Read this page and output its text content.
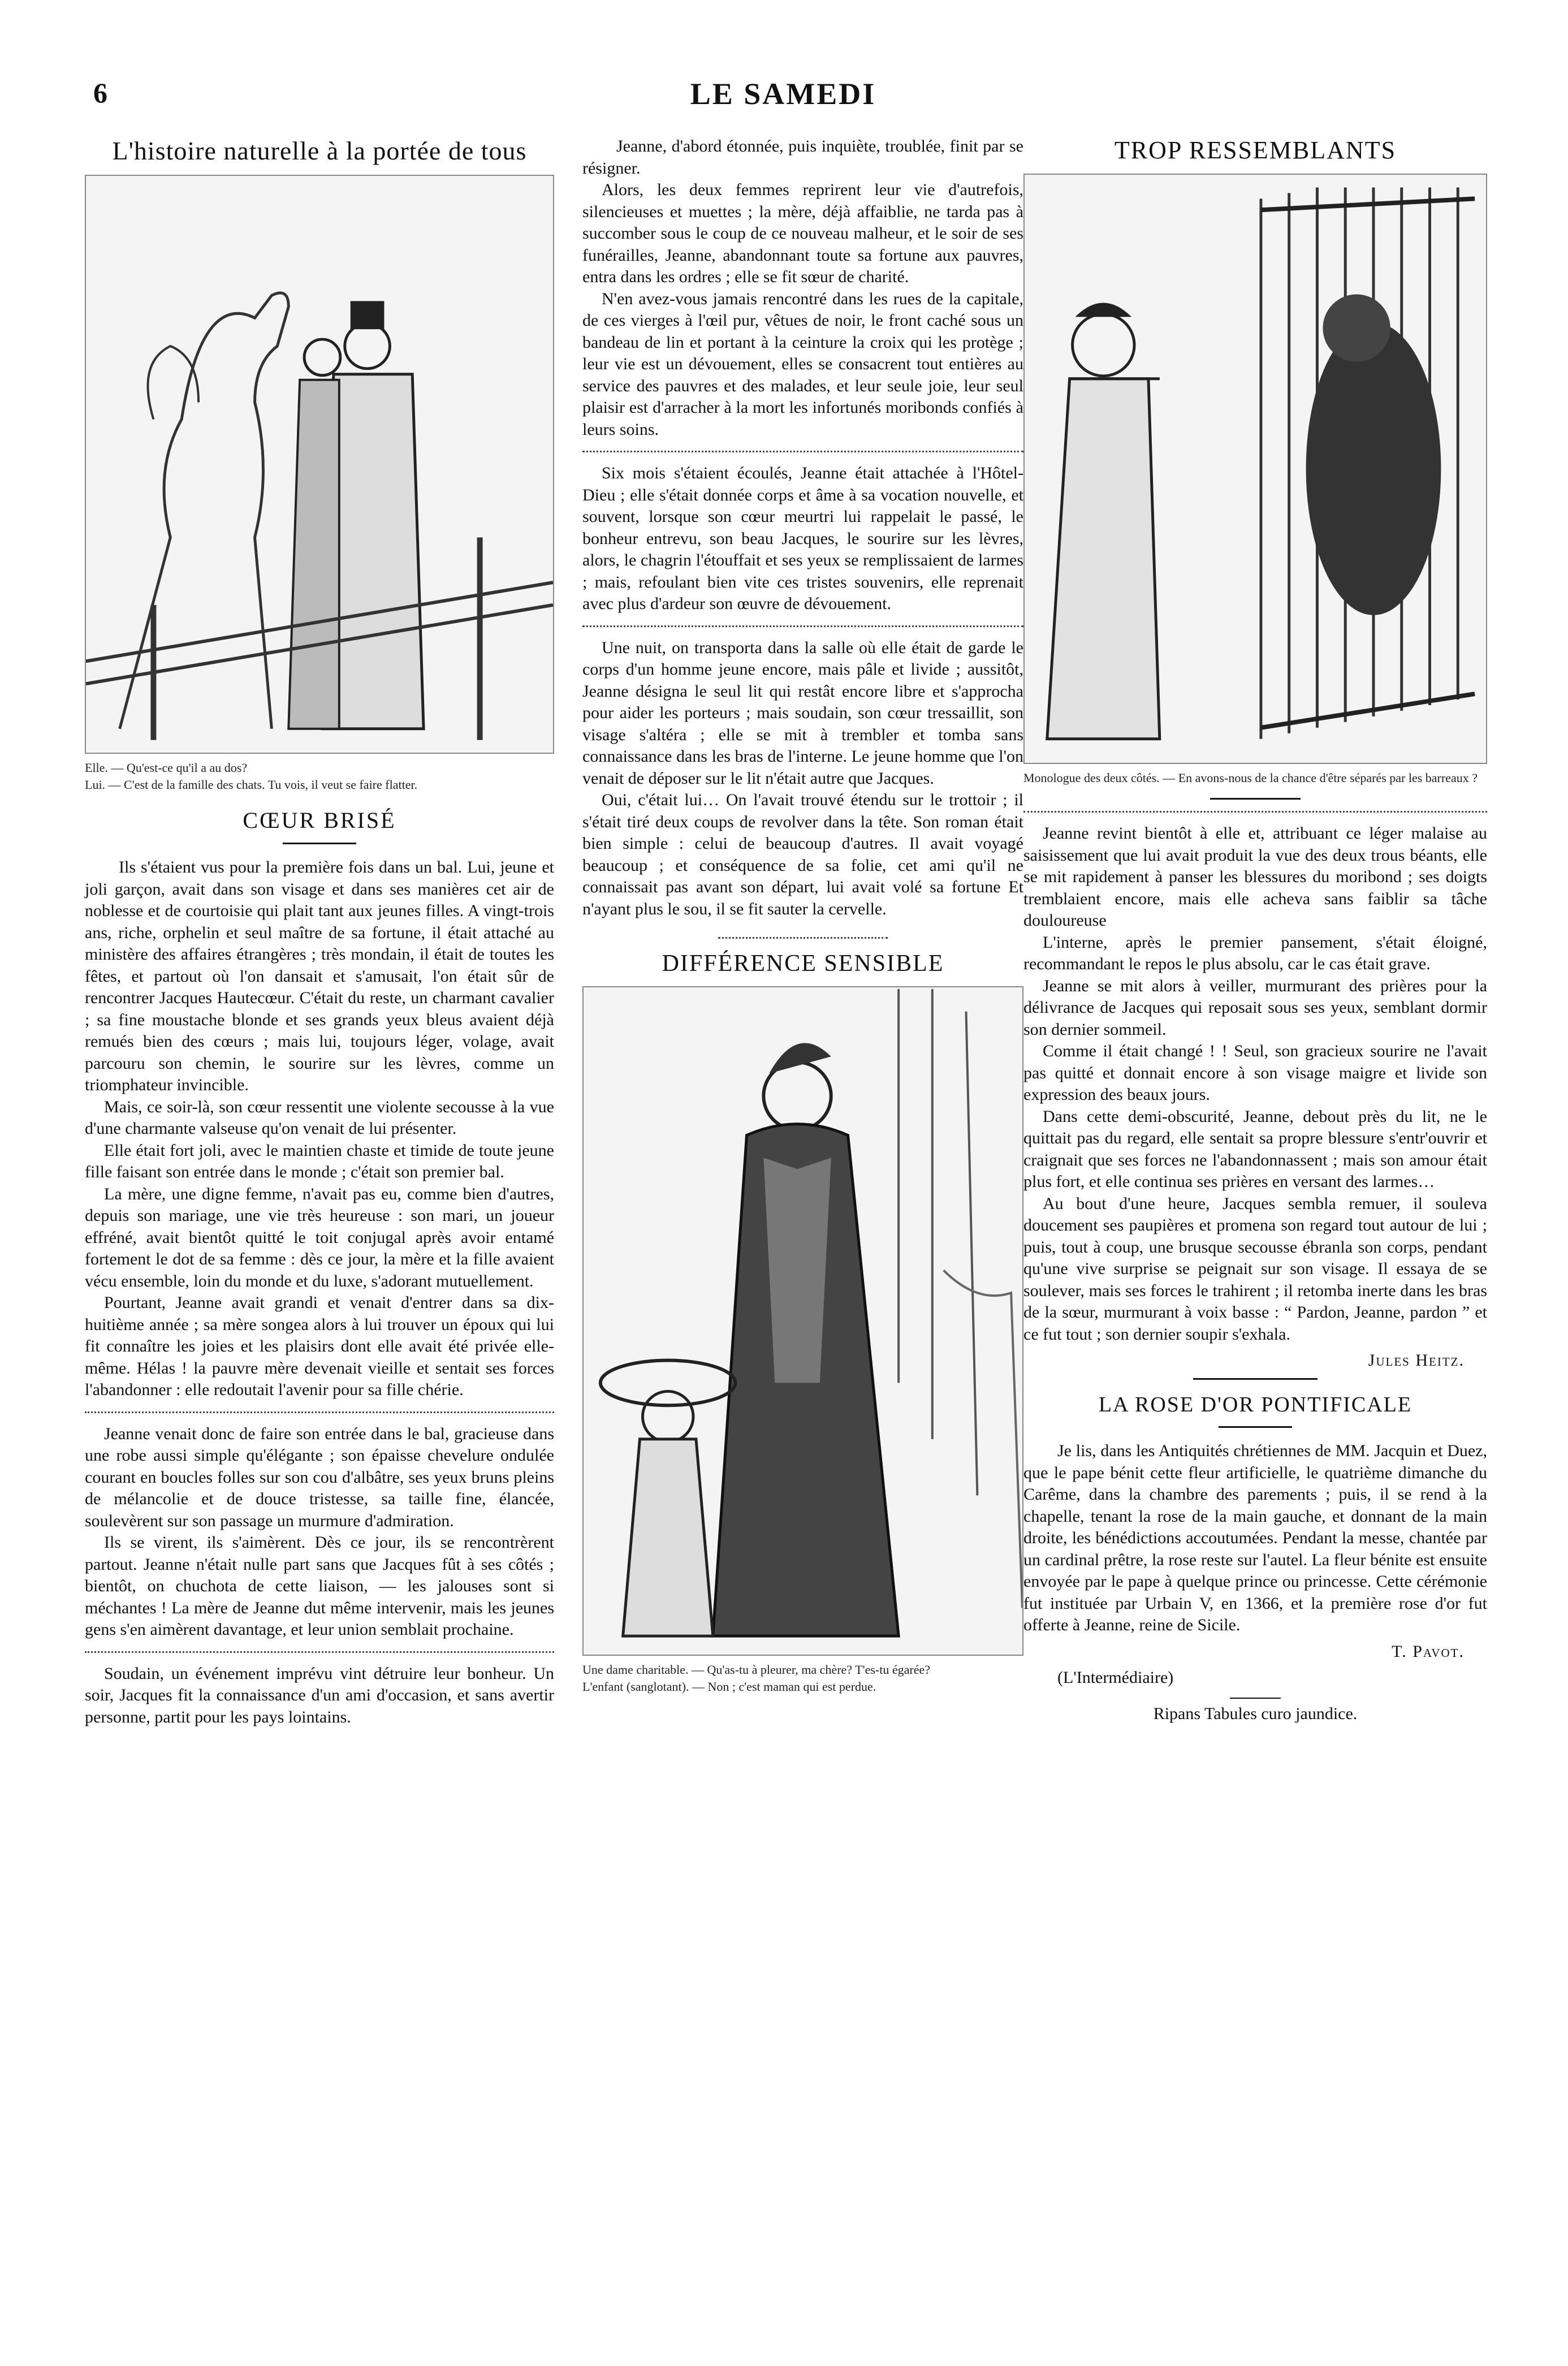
6	LE SAMEDI
L'histoire naturelle à la portée de tous
Elle. — Qu'est-ce qu'il a au dos?
Lui. — C'est de la famille des chats. Tu vois, il veut se faire flatter.
CŒUR BRISÉ

Ils s'étaient vus pour la première fois dans un bal. Lui, jeune et joli garçon, avait dans son visage et dans ses manières cet air de noblesse et de courtoisie qui plait tant aux jeunes filles. A vingt-trois ans, riche, orphelin et seul maître de sa fortune, il était attaché au ministère des affaires étrangères ; très mondain, il était de toutes les fêtes, et partout où l'on dansait et s'amusait, l'on était sûr de rencontrer Jacques Hautecœur. C'était du reste, un charmant cavalier ; sa fine moustache blonde et ses grands yeux bleus avaient déjà remués bien des cœurs ; mais lui, toujours léger, volage, avait parcouru son chemin, le sourire sur les lèvres, comme un triomphateur invincible.

Mais, ce soir-là, son cœur ressentit une violente secousse à la vue d'une charmante valseuse qu'on venait de lui présenter.

Elle était fort joli, avec le maintien chaste et timide de toute jeune fille faisant son entrée dans le monde ; c'était son premier bal.

La mère, une digne femme, n'avait pas eu, comme bien d'autres, depuis son mariage, une vie très heureuse : son mari, un joueur effréné, avait bientôt quitté le toit conjugal après avoir entamé fortement le dot de sa femme : dès ce jour, la mère et la fille avaient vécu ensemble, loin du monde et du luxe, s'adorant mutuellement.

Pourtant, Jeanne avait grandi et venait d'entrer dans sa dix-huitième année ; sa mère songea alors à lui trouver un époux qui lui fit connaître les joies et les plaisirs dont elle avait été privée elle-même. Hélas ! la pauvre mère devenait vieille et sentait ses forces l'abandonner : elle redoutait l'avenir pour sa fille chérie.

Jeanne venait donc de faire son entrée dans le bal, gracieuse dans une robe aussi simple qu'élégante ; son épaisse chevelure ondulée courant en boucles folles sur son cou d'albâtre, ses yeux bruns pleins de mélancolie et de douce tristesse, sa taille fine, élancée, soulevèrent sur son passage un murmure d'admiration.

Ils se virent, ils s'aimèrent. Dès ce jour, ils se rencontrèrent partout. Jeanne n'était nulle part sans que Jacques fût à ses côtés ; bientôt, on chuchota de cette liaison, — les jalouses sont si méchantes ! La mère de Jeanne dut même intervenir, mais les jeunes gens s'en aimèrent davantage, et leur union semblait prochaine.

Soudain, un événement imprévu vint détruire leur bonheur. Un soir, Jacques fit la connaissance d'un ami d'occasion, et sans avertir personne, partit pour les pays lointains.

Jeanne, d'abord étonnée, puis inquiète, troublée, finit par se résigner.

Alors, les deux femmes reprirent leur vie d'autrefois, silencieuses et muettes ; la mère, déjà affaiblie, ne tarda pas à succomber sous le coup de ce nouveau malheur, et le soir de ses funérailles, Jeanne, abandonnant toute sa fortune aux pauvres, entra dans les ordres ; elle se fit sœur de charité.

N'en avez-vous jamais rencontré dans les rues de la capitale, de ces vierges à l'œil pur, vêtues de noir, le front caché sous un bandeau de lin et portant à la ceinture la croix qui les protège ; leur vie est un dévouement, elles se consacrent tout entières au service des pauvres et des malades, et leur seule joie, leur seul plaisir est d'arracher à la mort les infortunés moribonds confiés à leurs soins.

Six mois s'étaient écoulés, Jeanne était attachée à l'Hôtel-Dieu ; elle s'était donnée corps et âme à sa vocation nouvelle, et souvent, lorsque son cœur meurtri lui rappelait le passé, le bonheur entrevu, son beau Jacques, le sourire sur les lèvres, alors, le chagrin l'étouffait et ses yeux se remplissaient de larmes ; mais, refoulant bien vite ces tristes souvenirs, elle reprenait avec plus d'ardeur son œuvre de dévouement.

Une nuit, on transporta dans la salle où elle était de garde le corps d'un homme jeune encore, mais pâle et livide ; aussitôt, Jeanne désigna le seul lit qui restât encore libre et s'approcha pour aider les porteurs ; mais soudain, son cœur tressaillit, son visage s'altéra ; elle se mit à trembler et tomba sans connaissance dans les bras de l'interne. Le jeune homme que l'on venait de déposer sur le lit n'était autre que Jacques.

Oui, c'était lui… On l'avait trouvé étendu sur le trottoir ; il s'était tiré deux coups de revolver dans la tête. Son roman était bien simple : celui de beaucoup d'autres. Il avait voyagé beaucoup ; et conséquence de sa folie, cet ami qu'il ne connaissait pas avant son départ, lui avait volé sa fortune Et n'ayant plus le sou, il se fit sauter la cervelle.

DIFFÉRENCE SENSIBLE
Une dame charitable. — Qu'as-tu à pleurer, ma chère? T'es-tu égarée?
L'enfant (sanglotant). — Non ; c'est maman qui est perdue.
TROP RESSEMBLANTS
Monologue des deux côtés. — En avons-nous de la chance d'être séparés par les barreaux ?

Jeanne revint bientôt à elle et, attribuant ce léger malaise au saisissement que lui avait produit la vue des deux trous béants, elle se mit rapidement à panser les blessures du moribond ; ses doigts tremblaient encore, mais elle acheva sans faiblir sa tâche douloureuse

L'interne, après le premier pansement, s'était éloigné, recommandant le repos le plus absolu, car le cas était grave.

Jeanne se mit alors à veiller, murmurant des prières pour la délivrance de Jacques qui reposait sous ses yeux, semblant dormir son dernier sommeil.

Comme il était changé ! ! Seul, son gracieux sourire ne l'avait pas quitté et donnait encore à son visage maigre et livide son expression des beaux jours.

Dans cette demi-obscurité, Jeanne, debout près du lit, ne le quittait pas du regard, elle sentait sa propre blessure s'entr'ouvrir et craignait que ses forces ne l'abandonnassent ; mais son amour était plus fort, et elle continua ses prières en versant des larmes…

Au bout d'une heure, Jacques sembla remuer, il souleva doucement ses paupières et promena son regard tout autour de lui ; puis, tout à coup, une brusque secousse ébranla son corps, pendant qu'une vive surprise se peignait sur son visage. Il essaya de se soulever, mais ses forces le trahirent ; il retomba inerte dans les bras de la sœur, murmurant à voix basse : “ Pardon, Jeanne, pardon ” et ce fut tout ; son dernier soupir s'exhala.

Jules Heitz.
LA ROSE D'OR PONTIFICALE

Je lis, dans les Antiquités chrétiennes de MM. Jacquin et Duez, que le pape bénit cette fleur artificielle, le quatrième dimanche du Carême, dans la chambre des parements ; puis, il se rend à la chapelle, tenant la rose de la main gauche, et donnant de la main droite, les bénédictions accoutumées. Pendant la messe, chantée par un cardinal prêtre, la rose reste sur l'autel. La fleur bénite est ensuite envoyée par le pape à quelque prince ou princesse. Cette cérémonie fut instituée par Urbain V, en 1366, et la première rose d'or fut offerte à Jeanne, reine de Sicile.

T. Pavot.
(L'Intermédiaire)
Ripans Tabules curo jaundice.
